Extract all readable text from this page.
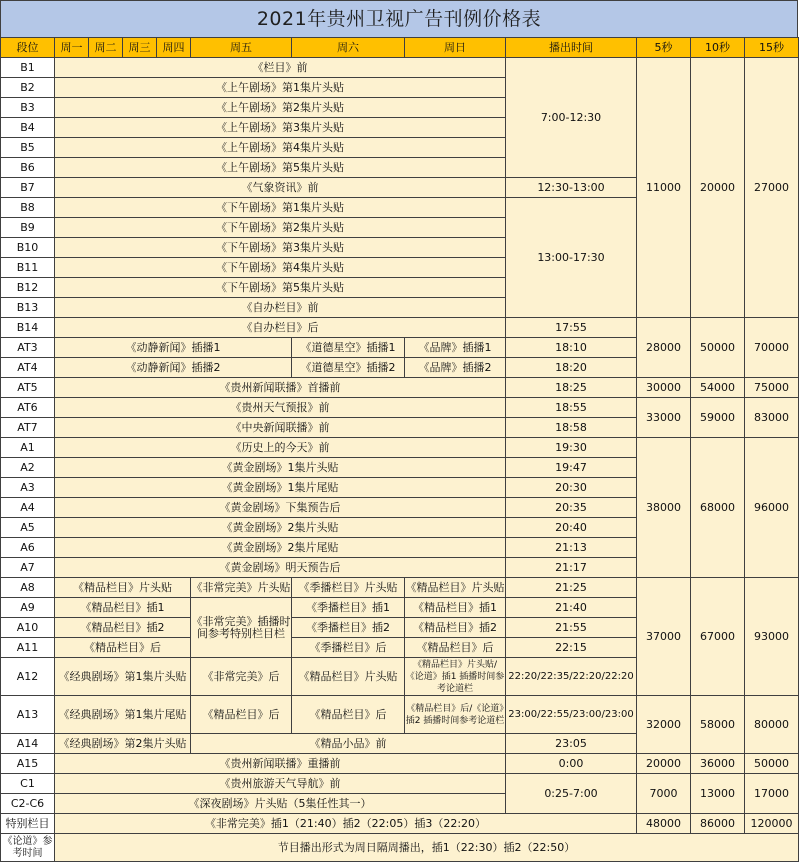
2021年贵州卫视广告刊例价格表
段位	周一	周二	周三	周四	周五	周六	周日	播出时间	5秒	10秒	15秒
B1	《栏目》前							7:00-12:30	11000	20000	27000
B2	《上午剧场》第1集片头贴										
B3	《上午剧场》第2集片头贴										
B4	《上午剧场》第3集片头贴										
B5	《上午剧场》第4集片头贴										
B6	《上午剧场》第5集片头贴										
B7	《气象资讯》前							12:30-13:00			
B8	《下午剧场》第1集片头贴							13:00-17:30			
B9	《下午剧场》第2集片头贴										
B10	《下午剧场》第3集片头贴										
B11	《下午剧场》第4集片头贴										
B12	《下午剧场》第5集片头贴										
B13	《自办栏目》前										
B14	《自办栏目》后							17:55	28000	50000	70000
AT3	《动静新闻》插播1					《道德星空》插播1	《品牌》插播1	18:10			
AT4	《动静新闻》插播2					《道德星空》插播2	《品牌》插播2	18:20			
AT5	《贵州新闻联播》首播前							18:25	30000	54000	75000
AT6	《贵州天气预报》前							18:55	33000	59000	83000
AT7	《中央新闻联播》前							18:58			
A1	《历史上的今天》前							19:30	38000	68000	96000
A2	《黄金剧场》1集片头贴							19:47			
A3	《黄金剧场》1集片尾贴							20:30			
A4	《黄金剧场》下集预告后							20:35			
A5	《黄金剧场》2集片头贴							20:40			
A6	《黄金剧场》2集片尾贴							21:13			
A7	《黄金剧场》明天预告后							21:17			
A8	《精品栏目》片头贴				《非常完美》片头贴	《季播栏目》片头贴	《精品栏目》片头贴	21:25	37000	67000	93000
A9	《精品栏目》插1				《非常完美》插播时间参考特别栏目栏	《季播栏目》插1	《精品栏目》插1	21:40			
A10	《精品栏目》插2					《季播栏目》插2	《精品栏目》插2	21:55			
A11	《精品栏目》后					《季播栏目》后	《精品栏目》后	22:15			
A12	《经典剧场》第1集片头贴				《非常完美》后	《精品栏目》片头贴	《精品栏目》片头贴/《论道》插1 插播时间参考论道栏	22:20/22:35/22:20/22:20			
A13	《经典剧场》第1集片尾贴				《精品栏目》后	《精品栏目》后	《精品栏目》后/《论道》插2 插播时间参考论道栏	23:00/22:55/23:00/23:00	32000	58000	80000
A14	《经典剧场》第2集片头贴				《精品小品》前			23:05			
A15	《贵州新闻联播》重播前							0:00	20000	36000	50000
C1	《贵州旅游天气导航》前							0:25-7:00	7000	13000	17000
C2-C6	《深夜剧场》片头贴（5集任性其一）										
特别栏目	《非常完美》插1（21:40）插2（22:05）插3（22:20）								48000	86000	120000
《论道》参考时间	节目播出形式为周日隔周播出，插1（22:30）插2（22:50）										
